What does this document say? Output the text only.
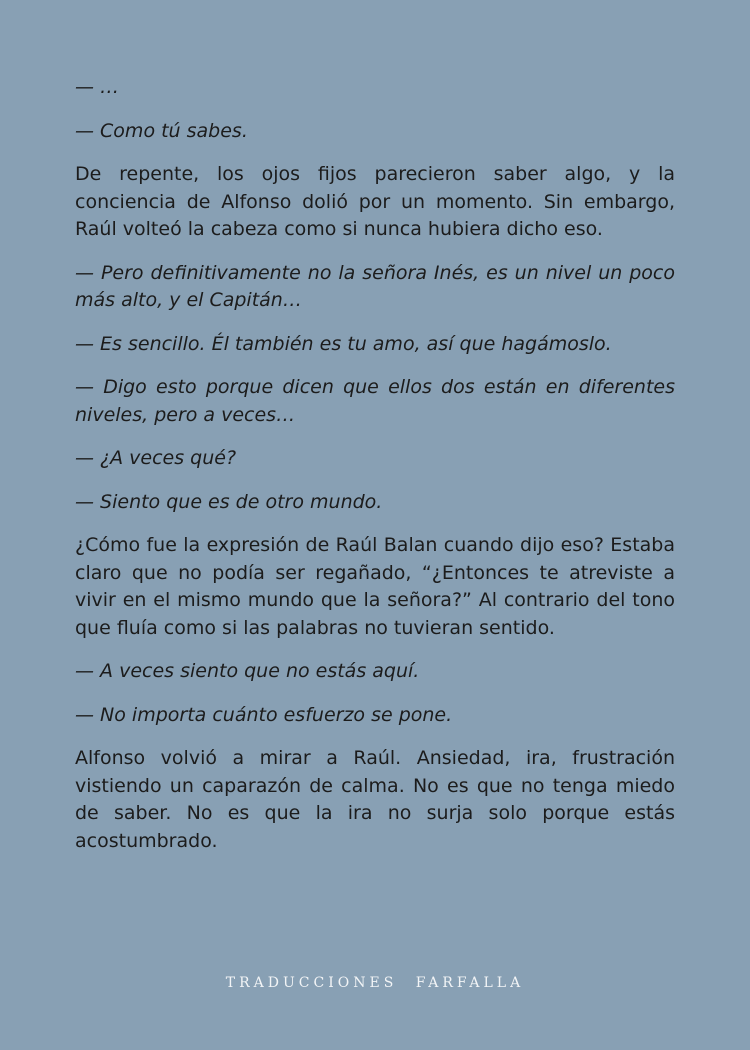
— …

— Como tú sabes.

De repente, los ojos fijos parecieron saber algo, y la conciencia de Alfonso dolió por un momento. Sin embargo, Raúl volteó la cabeza como si nunca hubiera dicho eso.

— Pero definitivamente no la señora Inés, es un nivel un poco más alto, y el Capitán…

— Es sencillo. Él también es tu amo, así que hagámoslo.

— Digo esto porque dicen que ellos dos están en diferentes niveles, pero a veces…

— ¿A veces qué?

— Siento que es de otro mundo.

¿Cómo fue la expresión de Raúl Balan cuando dijo eso? Estaba claro que no podía ser regañado, “¿Entonces te atreviste a vivir en el mismo mundo que la señora?” Al contrario del tono que fluía como si las palabras no tuvieran sentido.

— A veces siento que no estás aquí.

— No importa cuánto esfuerzo se pone.

Alfonso volvió a mirar a Raúl. Ansiedad, ira, frustración vistiendo un caparazón de calma. No es que no tenga miedo de saber. No es que la ira no surja solo porque estás acostumbrado.

TRADUCCIONES FARFALLA
